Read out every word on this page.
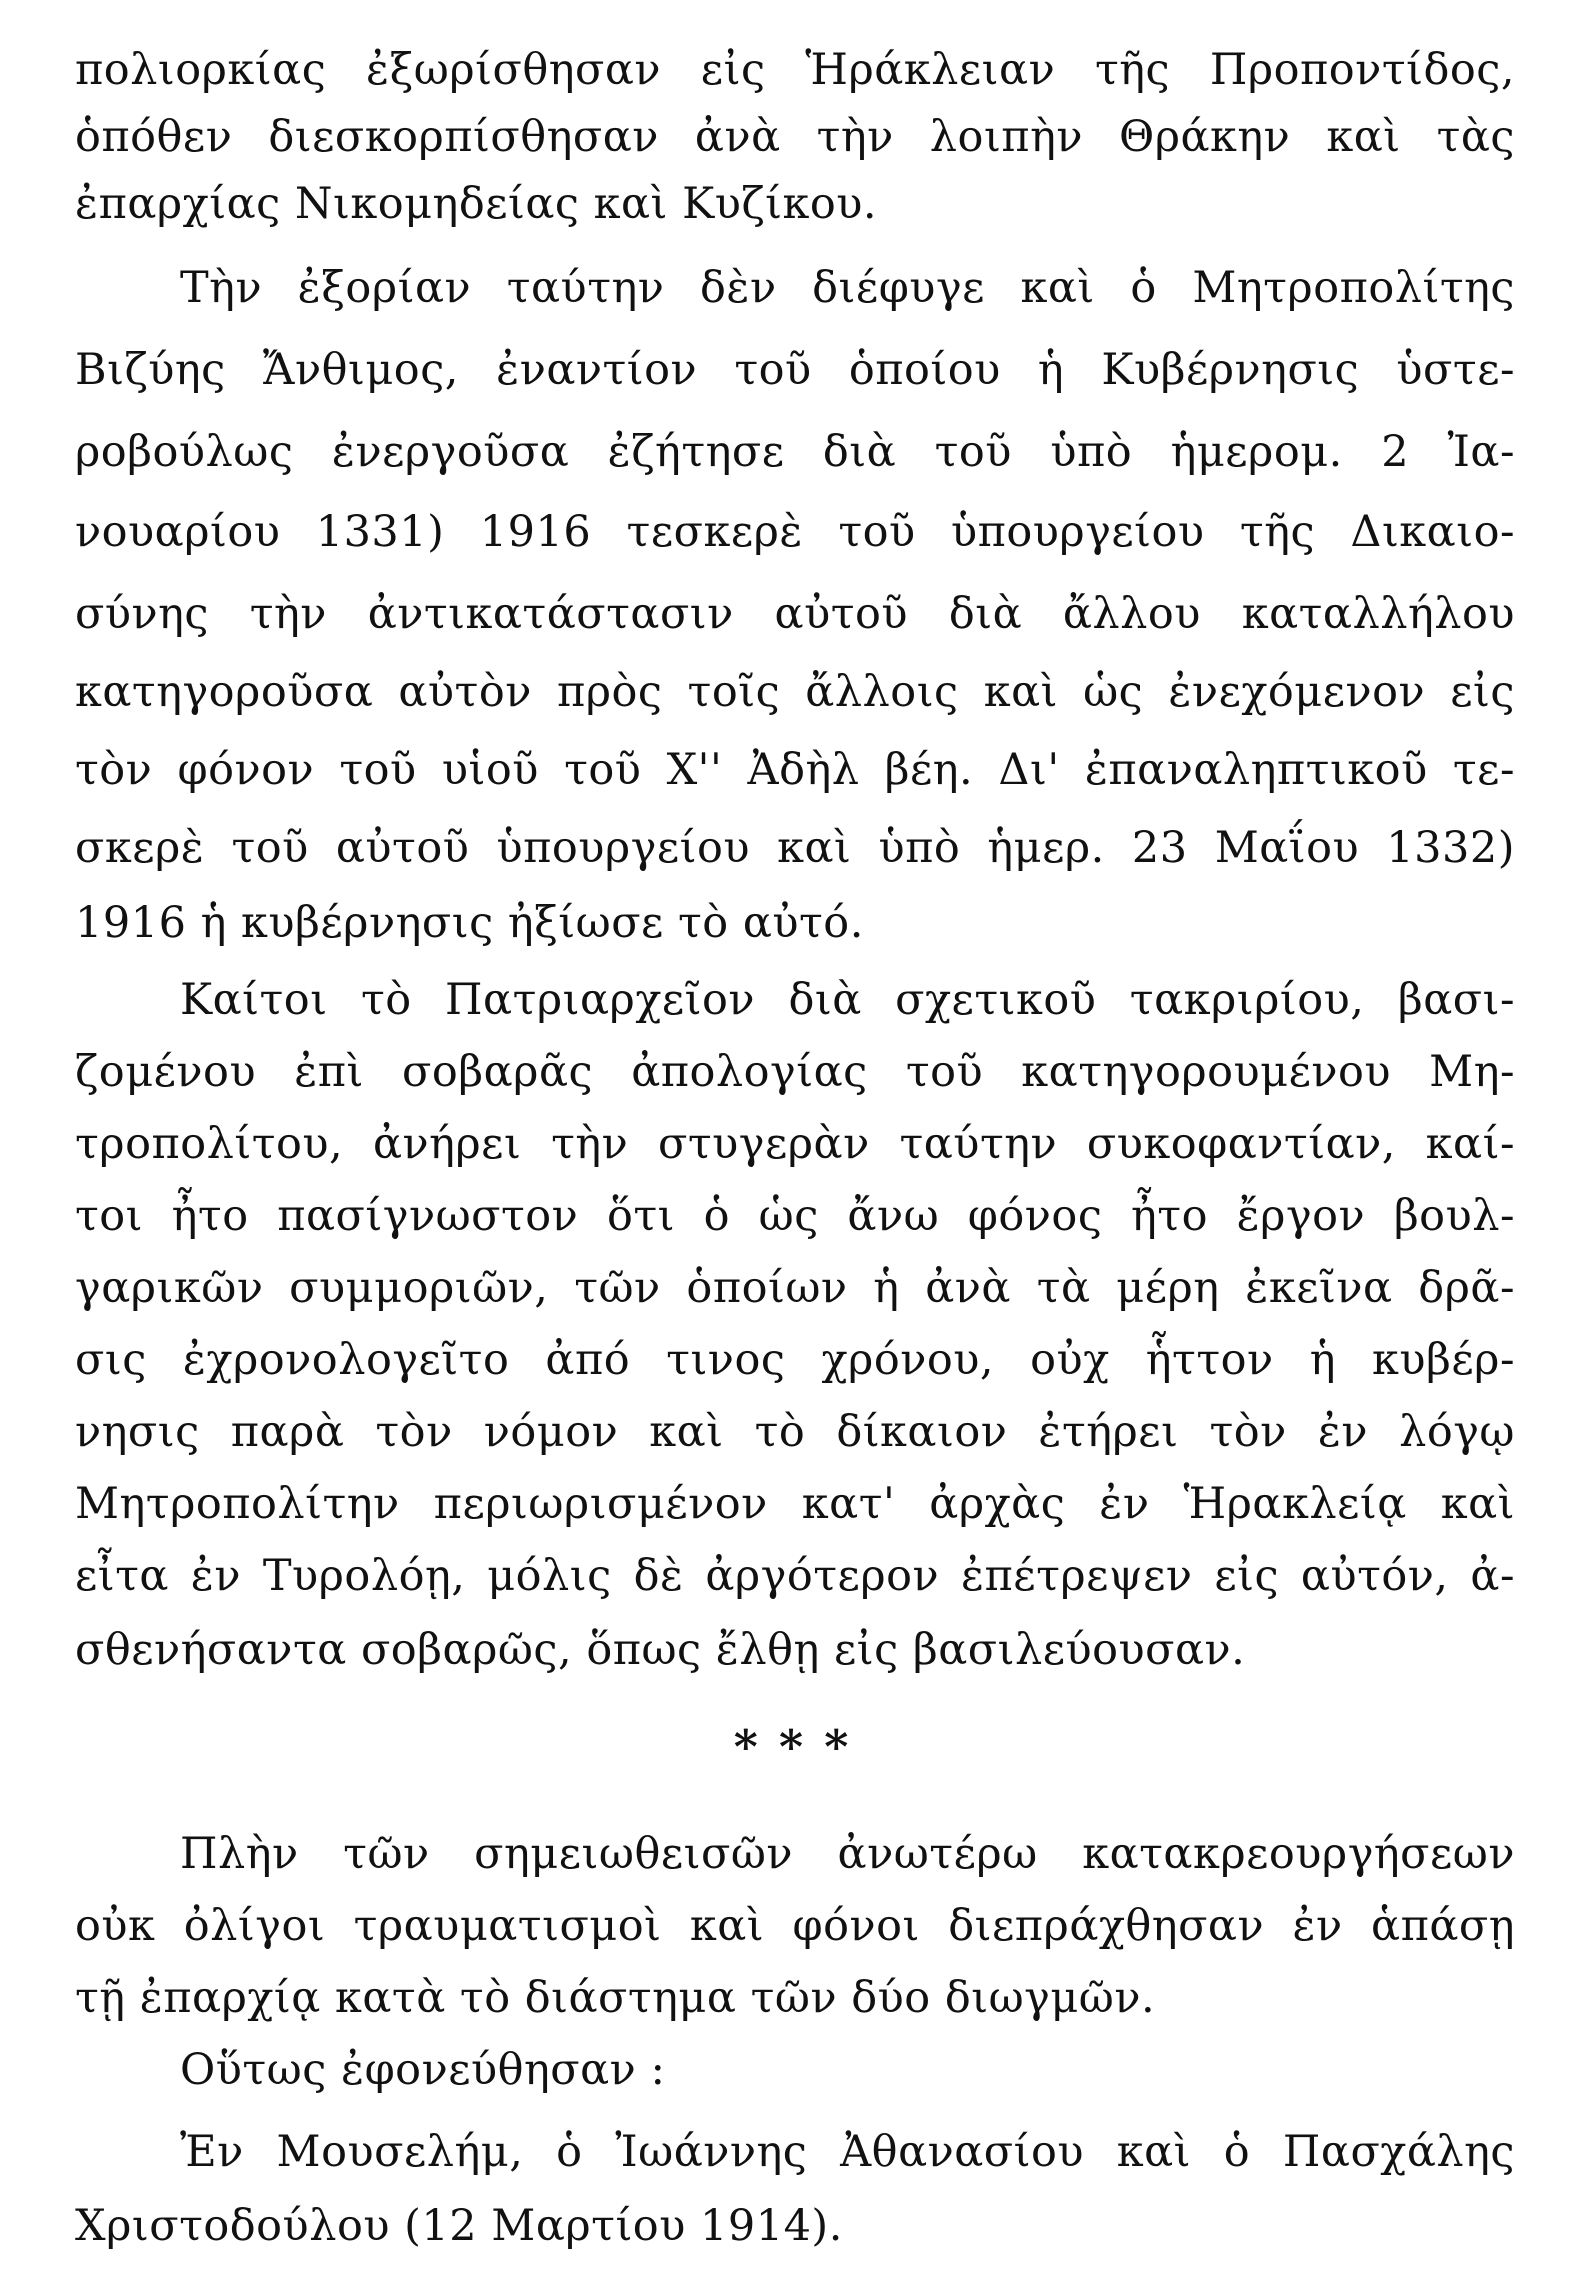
πολιορκίας ἐξωρίσθησαν εἰς Ἡράκλειαν τῆς Προποντίδος,
ὁπόθεν διεσκορπίσθησαν ἀνὰ τὴν λοιπὴν Θράκην καὶ τὰς
ἐπαρχίας Νικομηδείας καὶ Κυζίκου.
Τὴν ἐξορίαν ταύτην δὲν διέφυγε καὶ ὁ Μητροπολίτης
Βιζύης Ἄνθιμος, ἐναντίον τοῦ ὁποίου ἡ Κυβέρνησις ὑστε-
ροβούλως ἐνεργοῦσα ἐζήτησε διὰ τοῦ ὑπὸ ἡμερομ. 2 Ἰα-
νουαρίου 1331) 1916 τεσκερὲ τοῦ ὑπουργείου τῆς Δικαιο-
σύνης τὴν ἀντικατάστασιν αὐτοῦ διὰ ἄλλου καταλλήλου
κατηγοροῦσα αὐτὸν πρὸς τοῖς ἄλλοις καὶ ὡς ἐνεχόμενον εἰς
τὸν φόνον τοῦ υἱοῦ τοῦ Χ'' Ἀδὴλ βέη. Δι' ἐπαναληπτικοῦ τε-
σκερὲ τοῦ αὐτοῦ ὑπουργείου καὶ ὑπὸ ἡμερ. 23 Μαΐου 1332)
1916 ἡ κυβέρνησις ἠξίωσε τὸ αὐτό.
Καίτοι τὸ Πατριαρχεῖον διὰ σχετικοῦ τακριρίου, βασι-
ζομένου ἐπὶ σοβαρᾶς ἀπολογίας τοῦ κατηγορουμένου Μη-
τροπολίτου, ἀνήρει τὴν στυγερὰν ταύτην συκοφαντίαν, καί-
τοι ἦτο πασίγνωστον ὅτι ὁ ὡς ἄνω φόνος ἦτο ἔργον βουλ-
γαρικῶν συμμοριῶν, τῶν ὁποίων ἡ ἀνὰ τὰ μέρη ἐκεῖνα δρᾶ-
σις ἐχρονολογεῖτο ἀπό τινος χρόνου, οὐχ ἧττον ἡ κυβέρ-
νησις παρὰ τὸν νόμον καὶ τὸ δίκαιον ἐτήρει τὸν ἐν λόγῳ
Μητροπολίτην περιωρισμένον κατ' ἀρχὰς ἐν Ἡρακλείᾳ καὶ
εἶτα ἐν Τυρολόῃ, μόλις δὲ ἀργότερον ἐπέτρεψεν εἰς αὐτόν, ἀ-
σθενήσαντα σοβαρῶς, ὅπως ἔλθῃ εἰς βασιλεύουσαν.
* * *
Πλὴν τῶν σημειωθεισῶν ἀνωτέρω κατακρεουργήσεων
οὐκ ὀλίγοι τραυματισμοὶ καὶ φόνοι διεπράχθησαν ἐν ἁπάσῃ
τῇ ἐπαρχίᾳ κατὰ τὸ διάστημα τῶν δύο διωγμῶν.
Οὕτως ἐφονεύθησαν :
Ἐν Μουσελήμ, ὁ Ἰωάννης Ἀθανασίου καὶ ὁ Πασχάλης
Χριστοδούλου (12 Μαρτίου 1914).
